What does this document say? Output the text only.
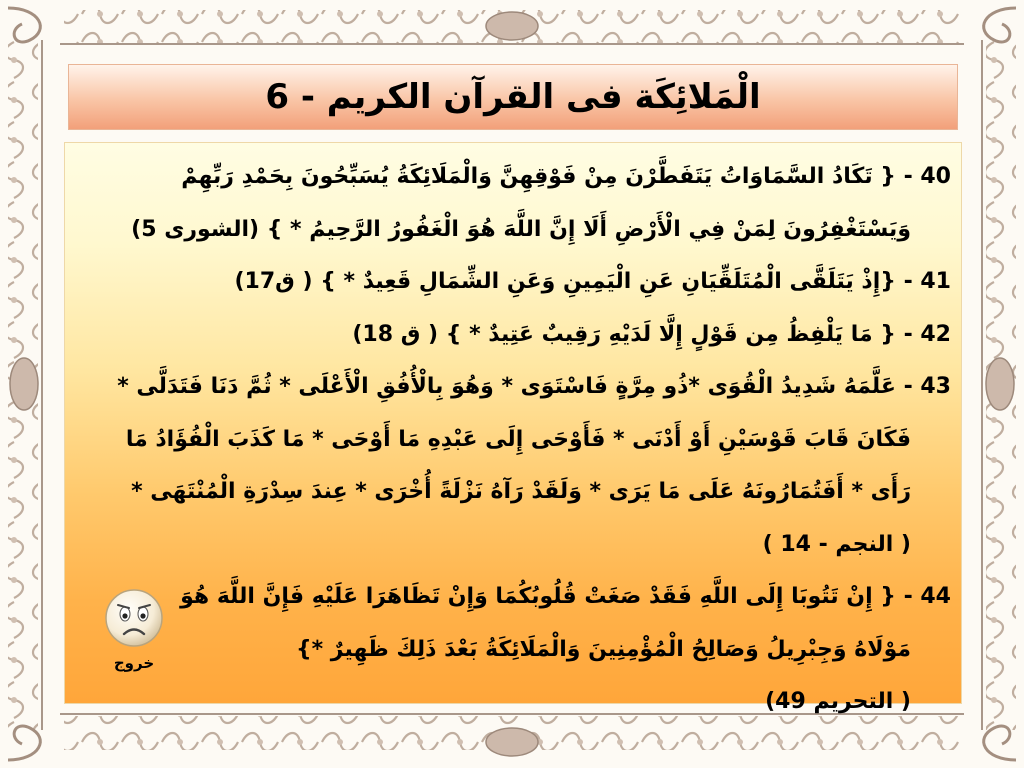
الْمَلائِكَة فى القرآن الكريم - 6
40 - { تَكَادُ السَّمَاوَاتُ يَتَفَطَّرْنَ مِنْ فَوْقِهِنَّ وَالْمَلَائِكَةُ يُسَبِّحُونَ بِحَمْدِ رَبِّهِمْ
وَيَسْتَغْفِرُونَ لِمَنْ فِي الْأَرْضِ أَلَا إِنَّ اللَّهَ هُوَ الْغَفُورُ الرَّحِيمُ * } (الشورى 5)
41 - {إِذْ يَتَلَقَّى الْمُتَلَقِّيَانِ عَنِ الْيَمِينِ وَعَنِ الشِّمَالِ قَعِيدٌ * } ( ق17)
42 - { مَا يَلْفِظُ مِن قَوْلٍ إِلَّا لَدَيْهِ رَقِيبٌ عَتِيدٌ * } ( ق 18)
43 - عَلَّمَهُ شَدِيدُ الْقُوَى *ذُو مِرَّةٍ فَاسْتَوَى * وَهُوَ بِالْأُفُقِ الْأَعْلَى * ثُمَّ دَنَا فَتَدَلَّى *
فَكَانَ قَابَ قَوْسَيْنِ أَوْ أَدْنَى * فَأَوْحَى إِلَى عَبْدِهِ مَا أَوْحَى * مَا كَذَبَ الْفُؤَادُ مَا
رَأَى * أَفَتُمَارُونَهُ عَلَى مَا يَرَى * وَلَقَدْ رَآهُ نَزْلَةً أُخْرَى * عِندَ سِدْرَةِ الْمُنْتَهَى *
( النجم - 14 )
44 - { إِنْ تَتُوبَا إِلَى اللَّهِ فَقَدْ صَغَتْ قُلُوبُكُمَا وَإِنْ تَظَاهَرَا عَلَيْهِ فَإِنَّ اللَّهَ هُوَ
مَوْلَاهُ وَجِبْرِيلُ وَصَالِحُ الْمُؤْمِنِينَ وَالْمَلَائِكَةُ بَعْدَ ذَلِكَ ظَهِيرٌ *}
( التحريم 49)
خروج
